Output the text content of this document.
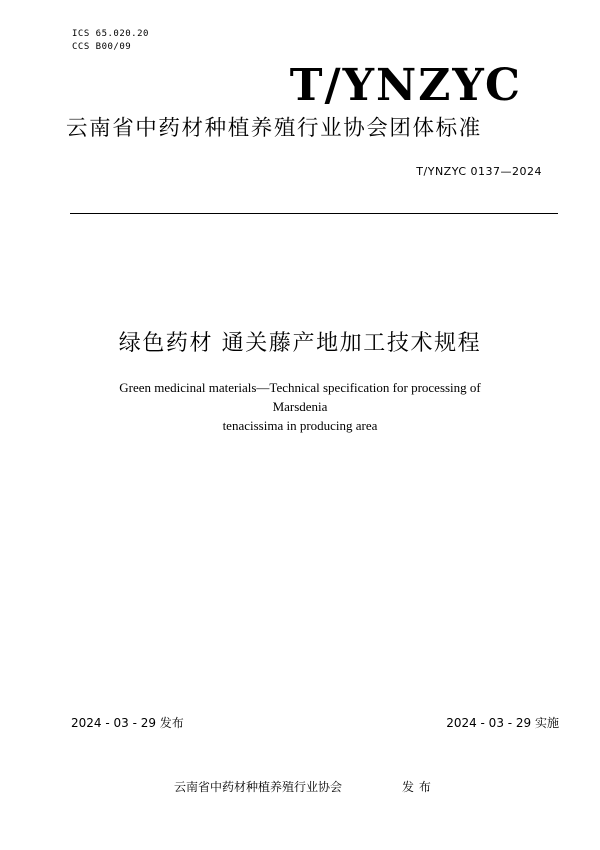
ICS 65.020.20
CCS B00/09
T/YNZYC
云南省中药材种植养殖行业协会团体标准
T/YNZYC 0137—2024
绿色药材 通关藤产地加工技术规程
Green medicinal materials—Technical specification for processing of Marsdenia
tenacissima in producing area
2024 - 03 - 29 发布	2024 - 03 - 29 实施
云南省中药材种植养殖行业协会	发 布
